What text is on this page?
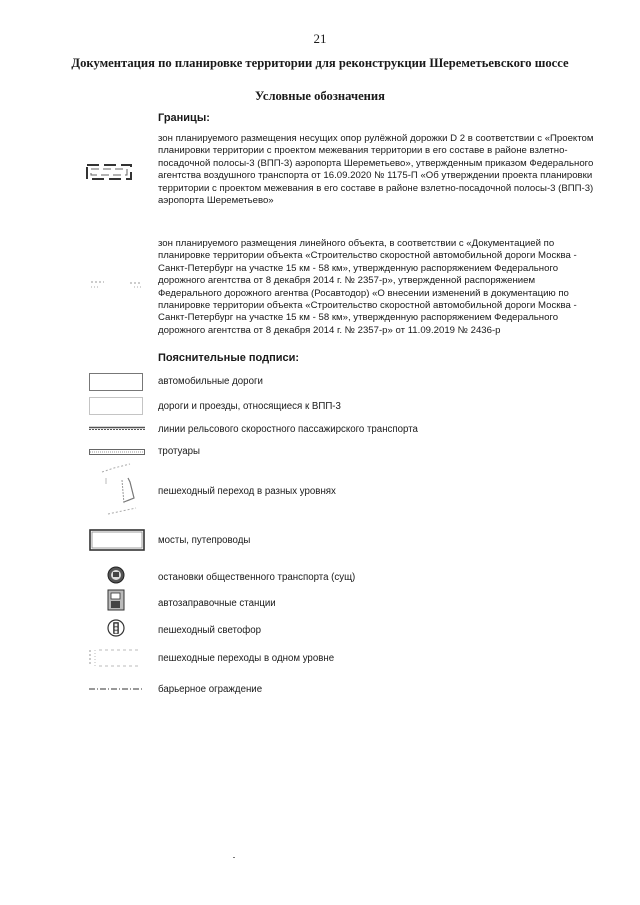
21
Документация по планировке территории для реконструкции Шереметьевского шоссе
Условные обозначения
Границы:
зон планируемого размещения несущих опор рулёжной дорожки D 2 в соответствии с «Проектом планировки территории с проектом межевания территории в его составе в районе взлетно-посадочной полосы-3 (ВПП-3) аэропорта Шереметьево», утвержденным приказом Федерального агентства воздушного транспорта от 16.09.2020 № 1175-П «Об утверждении проекта планировки территории с проектом межевания в его составе в районе взлетно-посадочной полосы-3 (ВПП-3) аэропорта Шереметьево»
зон планируемого размещения линейного объекта, в соответствии с «Документацией по планировке территории объекта «Строительство скоростной автомобильной дороги Москва - Санкт-Петербург на участке 15 км - 58 км», утвержденную распоряжением Федерального дорожного агентства от 8 декабря 2014 г. № 2357-р», утвержденной распоряжением Федерального дорожного агентва (Росавтодор) «О внесении изменений в документацию по планировке территории объекта «Строительство скоростной автомобильной дороги Москва - Санкт-Петербург на участке 15 км - 58 км», утвержденную распоряжением Федерального дорожного агентства от 8 декабря 2014 г. № 2357-р» от 11.09.2019 № 2436-р
Пояснительные подписи:
автомобильные дороги
дороги и проезды, относящиеся к ВПП-3
линии рельсового скоростного пассажирского транспорта
тротуары
пешеходный переход в разных уровнях
мосты, путепроводы
остановки общественного транспорта (сущ)
автозаправочные станции
пешеходный светофор
пешеходные переходы в одном уровне
барьерное ограждение
